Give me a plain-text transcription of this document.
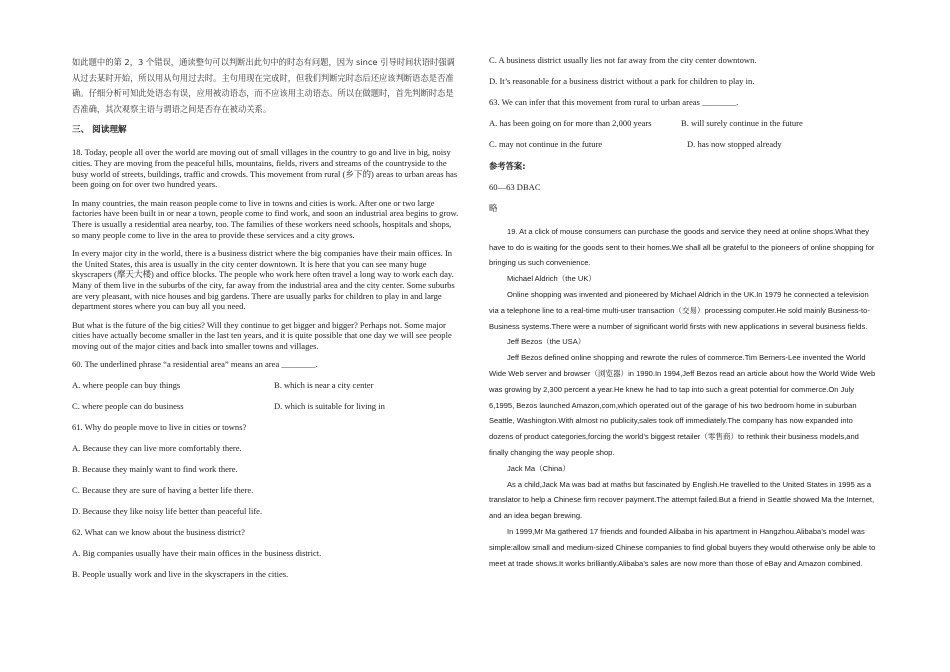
如此题中的第 2，3 个错误，通读整句可以判断出此句中的时态有问题，因为 since 引导时间状语时强调从过去某时开始，所以用从句用过去时。主句用现在完成时，但我们判断完时态后还应该判断语态是否准确。仔细分析可知此处语态有误，应用被动语态，而不应该用主动语态。所以在做题时，首先判断时态是否准确，其次观察主语与谓语之间是否存在被动关系。

三、 阅读理解

18. Today, people all over the world are moving out of small villages in the country to go and live in big, noisy cities. They are moving from the peaceful hills, mountains, fields, rivers and streams of the countryside to the busy world of streets, buildings, traffic and crowds. This movement from rural (乡下的) areas to urban areas has been going on for over two hundred years.

In many countries, the main reason people come to live in towns and cities is work. After one or two large factories have been built in or near a town, people come to find work, and soon an industrial area begins to grow. There is usually a residential area nearby, too. The families of these workers need schools, hospitals and shops, so many people come to live in the area to provide these services and a city grows.

In every major city in the world, there is a business district where the big companies have their main offices. In the United States, this area is usually in the city center downtown. It is here that you can see many huge skyscrapers (摩天大楼) and office blocks. The people who work here often travel a long way to work each day. Many of them live in the suburbs of the city, far away from the industrial area and the city center. Some suburbs are very pleasant, with nice houses and big gardens. There are usually parks for children to play in and large department stores where you can buy all you need.

But what is the future of the big cities? Will they continue to get bigger and bigger? Perhaps not. Some major cities have actually become smaller in the last ten years, and it is quite possible that one day we will see people moving out of the major cities and back into smaller towns and villages.

60. The underlined phrase “a residential area” means an area ________.

A. where people can buy things	B. which is near a city center
C. where people can do business	D. which is suitable for living in

61. Why do people move to live in cities or towns?

A. Because they can live more comfortably there.

B. Because they mainly want to find work there.

C. Because they are sure of having a better life there.

D. Because they like noisy life better than peaceful life.

62. What can we know about the business district?

A. Big companies usually have their main offices in the business district.

B. People usually work and live in the skyscrapers in the cities.

C. A business district usually lies not far away from the city center downtown.

D. It’s reasonable for a business district without a park for children to play in.

63. We can infer that this movement from rural to urban areas ________.

A. has been going on for more than 2,000 years	B. will surely continue in the future
C. may not continue in the future	D. has now stopped already

参考答案:

60—63 DBAC

略

19. At a click of mouse consumers can purchase the goods and service they need at online shops.What they have to do is waiting for the goods sent to their homes.We shall all be grateful to the pioneers of online shopping for bringing us such convenience.

Michael Aldrich（the UK）

Online shopping was invented and pioneered by Michael Aldrich in the UK.In 1979 he connected a television via a telephone line to a real-time multi-user transaction（交易）processing computer.He sold mainly Business-to- Business systems.There were a number of significant world firsts with new applications in several business fields.

Jeff Bezos（the USA）

Jeff Bezos defined online shopping and rewrote the rules of commerce.Tim Berners-Lee invented the World Wide Web server and browser（浏览器）in 1990.In 1994,Jeff Bezos read an article about how the World Wide Web was growing by 2,300 percent a year.He knew he had to tap into such a great potential for commerce.On July 6,1995, Bezos launched Amazon,com,which operated out of the garage of his two bedroom home in suburban Seattle, Washington.With almost no publicity,sales took off immediately.The company has now expanded into dozens of product categories,forcing the world’s biggest retailer（零售商）to rethink their business models,and finally changing the way people shop.

Jack Ma（China）

As a child,Jack Ma was bad at maths but fascinated by English.He travelled to the United States in 1995 as a translator to help a Chinese firm recover payment.The attempt failed.But a friend in Seattle showed Ma the Internet, and an idea began brewing.

In 1999,Mr Ma gathered 17 friends and founded Alibaba in his apartment in Hangzhou.Alibaba’s model was simple:allow small and medium-sized Chinese companies to find global buyers they would otherwise only be able to meet at trade shows.It works brilliantly.Alibaba’s sales are now more than those of eBay and Amazon combined.
